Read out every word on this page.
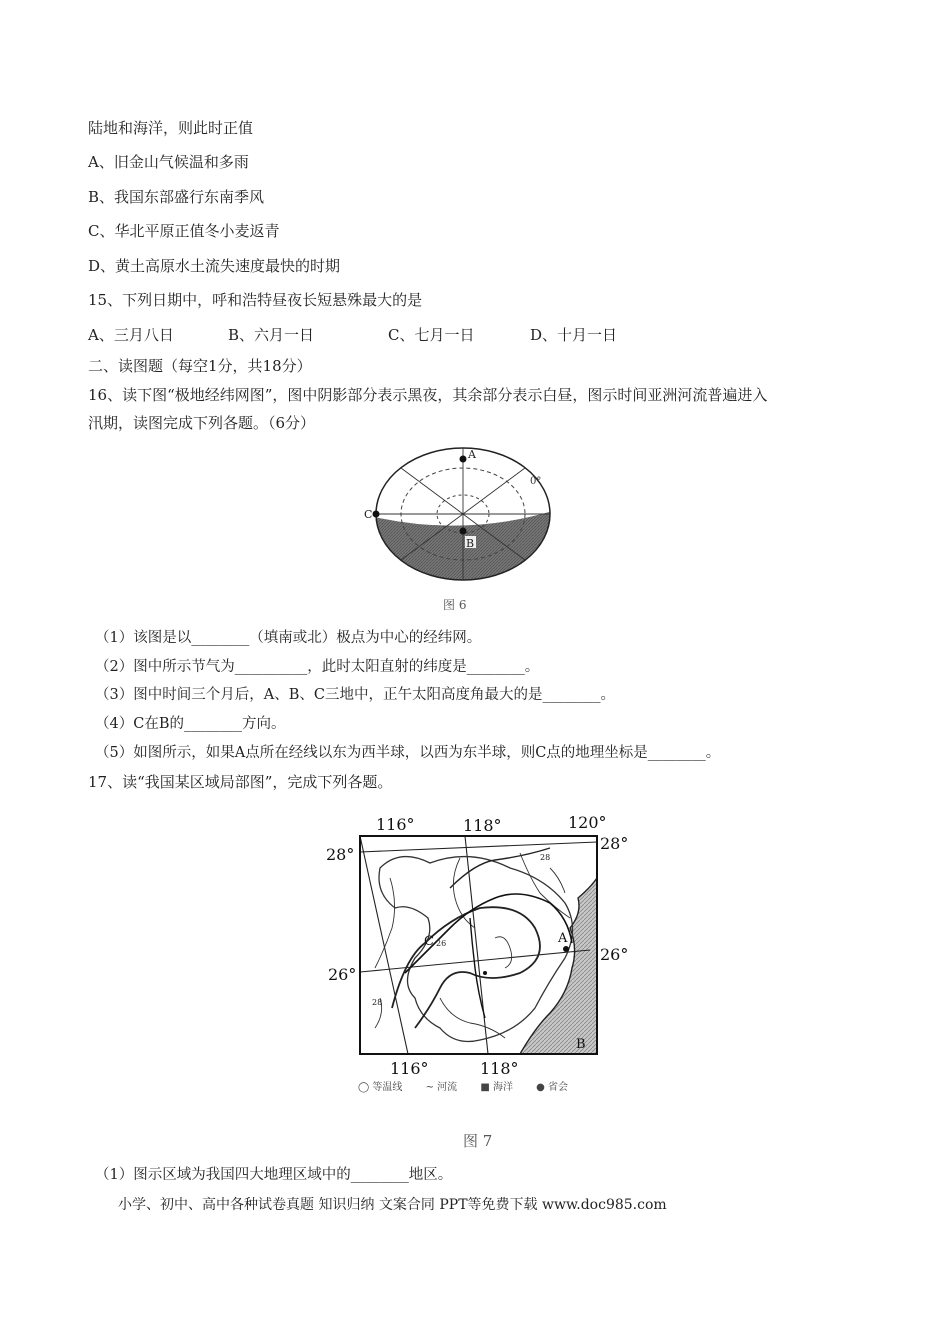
陆地和海洋，则此时正值
A、旧金山气候温和多雨
B、我国东部盛行东南季风
C、华北平原正值冬小麦返青
D、黄土高原水土流失速度最快的时期
15、下列日期中，呼和浩特昼夜长短悬殊最大的是
A、三月八日	B、六月一日	C、七月一日	D、十月一日
二、读图题（每空1分，共18分）
16、读下图“极地经纬网图”，图中阴影部分表示黑夜，其余部分表示白昼，图示时间亚洲河流普遍进入
汛期，读图完成下列各题。（6分）
A
B
C
0°
图 6
（1）该图是以________（填南或北）极点为中心的经纬网。
（2）图中所示节气为__________，此时太阳直射的纬度是________。
（3）图中时间三个月后，A、B、C三地中，正午太阳高度角最大的是________。
（4）C在B的________方向。
（5）如图所示，如果A点所在经线以东为西半球，以西为东半球，则C点的地理坐标是________。
17、读“我国某区域局部图”，完成下列各题。
116°	118°	120°
28°
28°
26°
26°
116°	118°
A
B
C 26
28
28
◯ 等温线 ∼ 河流 ■ 海洋 ● 省会
图 7
（1）图示区域为我国四大地理区域中的________地区。
小学、初中、高中各种试卷真题 知识归纳 文案合同 PPT等免费下载 www.doc985.com
